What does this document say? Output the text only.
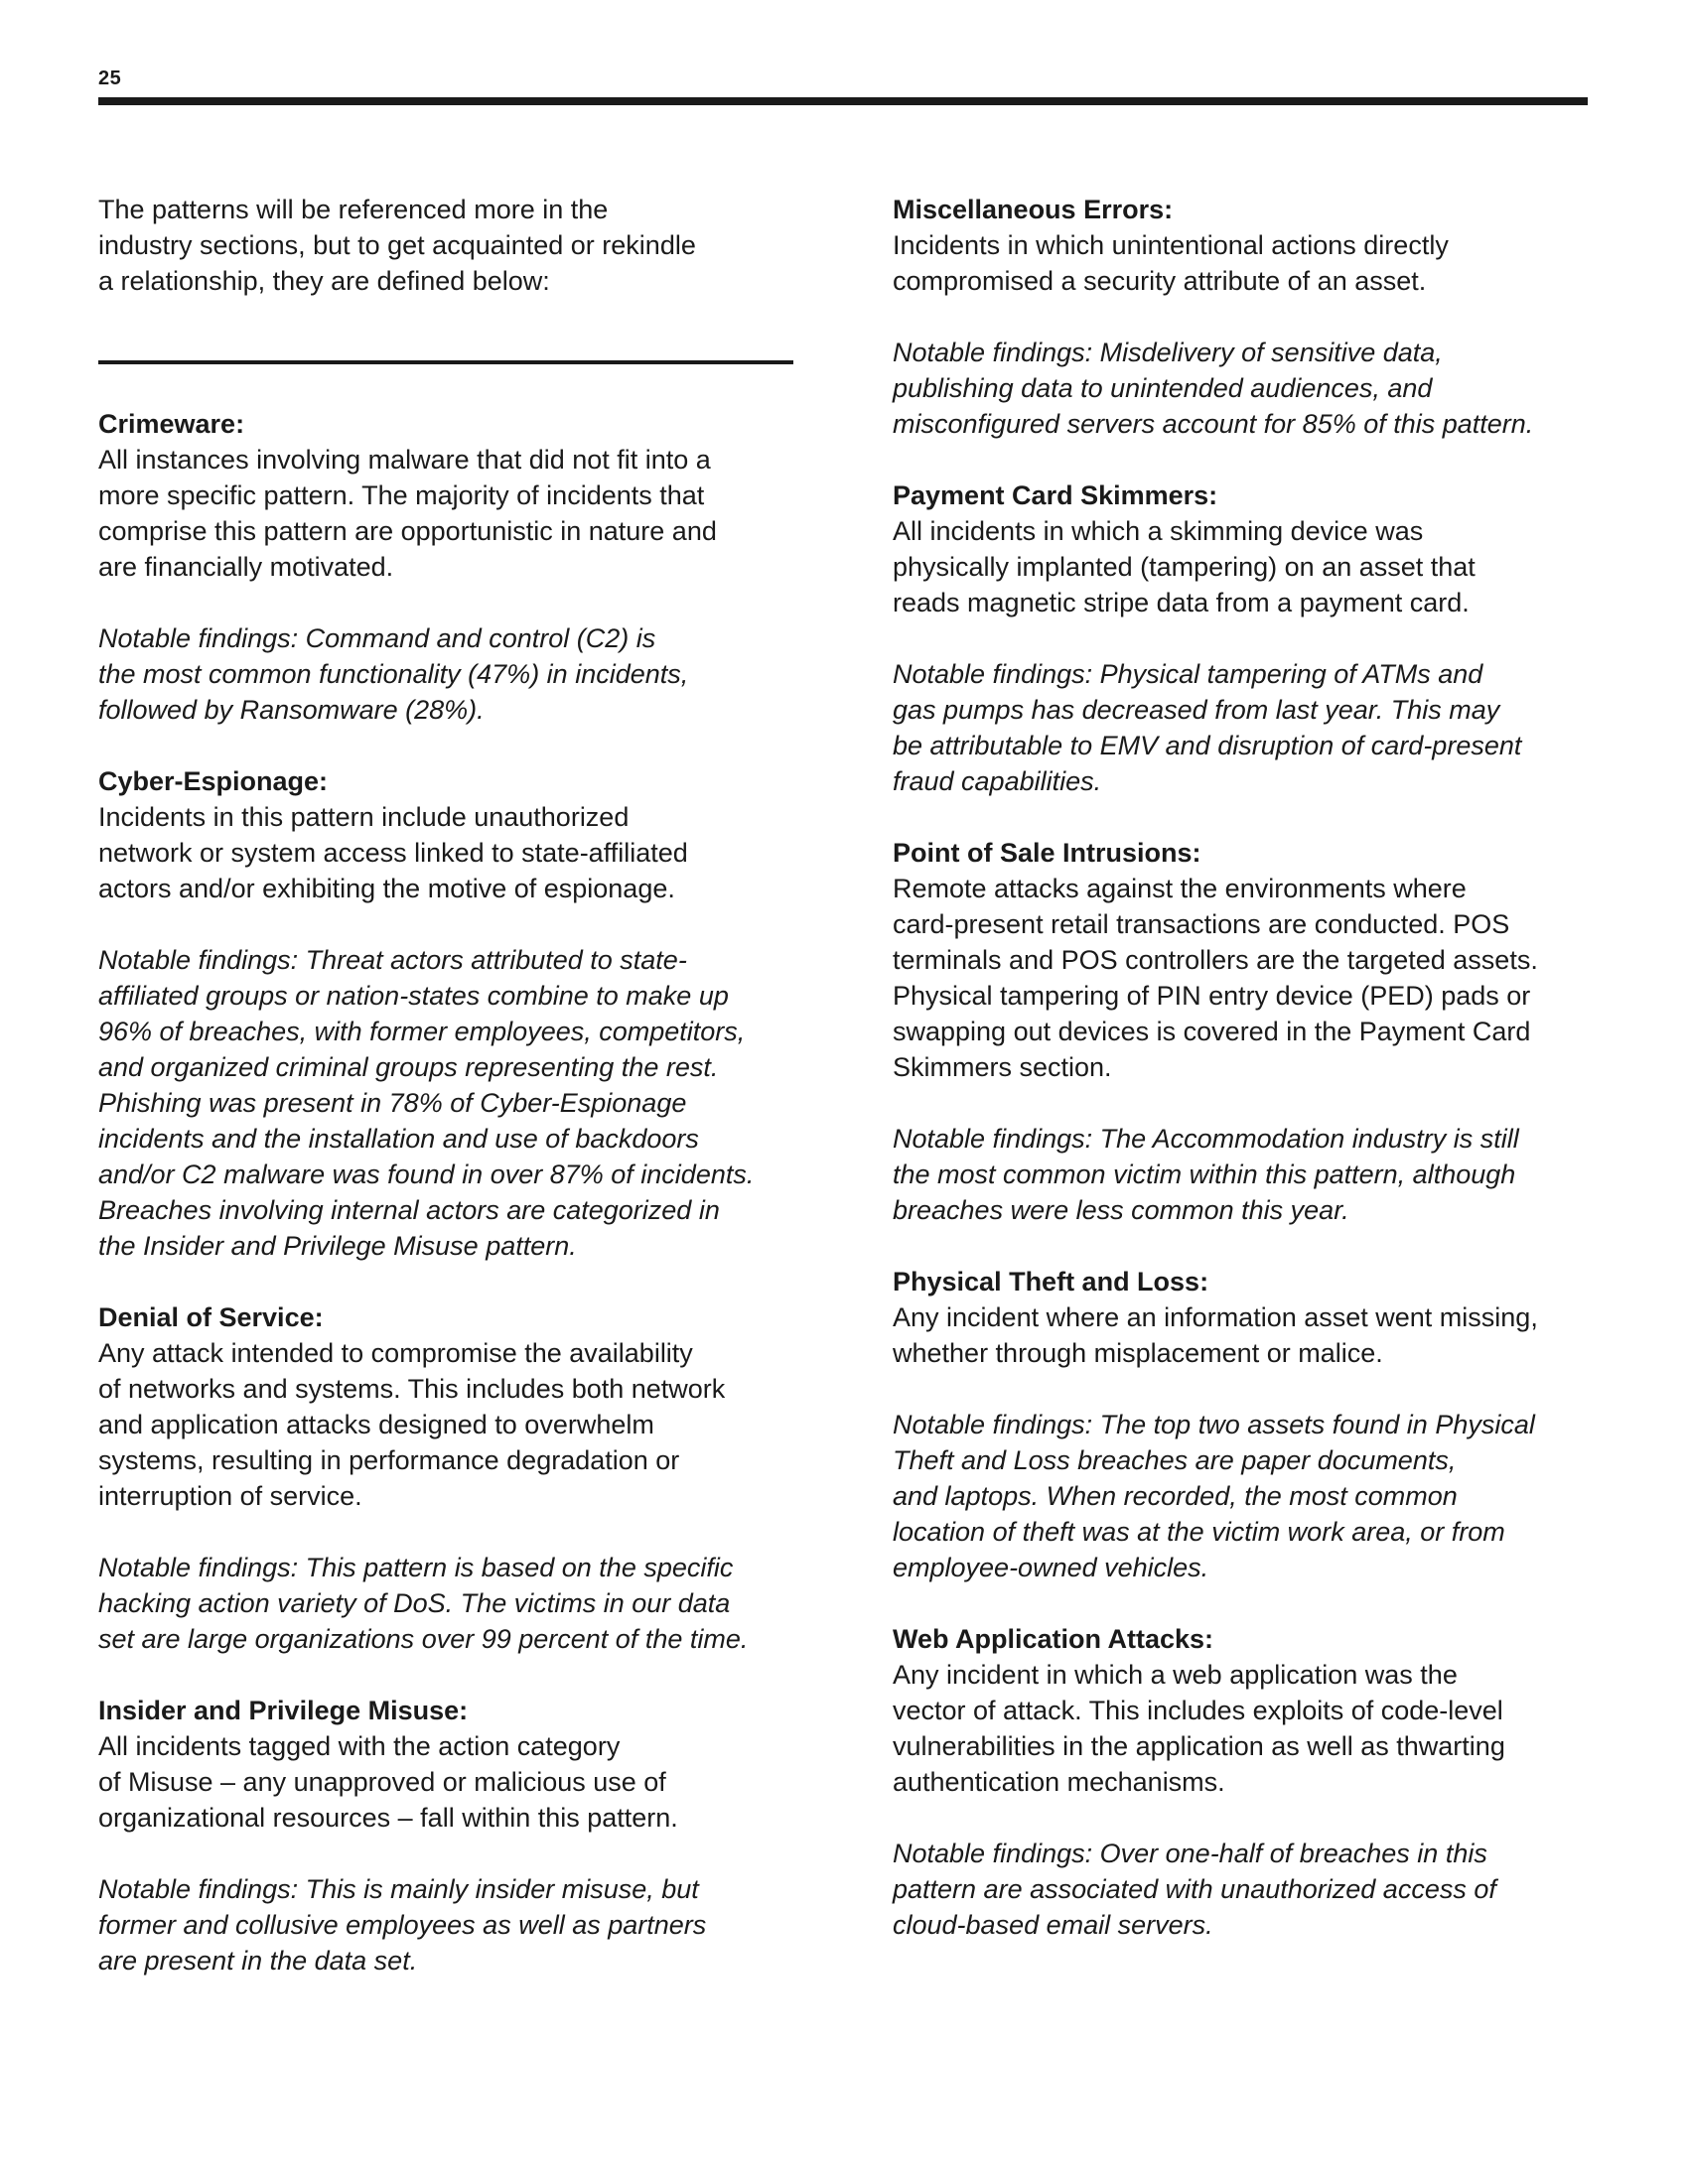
25

The patterns will be referenced more in the

industry sections, but to get acquainted or rekindle

a relationship, they are defined below:

Crimeware:

All instances involving malware that did not fit into a

more specific pattern. The majority of incidents that

comprise this pattern are opportunistic in nature and

are financially motivated.

Notable findings: Command and control (C2) is

the most common functionality (47%) in incidents,

followed by Ransomware (28%).

Cyber-Espionage:

Incidents in this pattern include unauthorized

network or system access linked to state-affiliated

actors and/or exhibiting the motive of espionage.

Notable findings: Threat actors attributed to state-

affiliated groups or nation-states combine to make up

96% of breaches, with former employees, competitors,

and organized criminal groups representing the rest.

Phishing was present in 78% of Cyber-Espionage

incidents and the installation and use of backdoors

and/or C2 malware was found in over 87% of incidents.

Breaches involving internal actors are categorized in

the Insider and Privilege Misuse pattern.

Denial of Service:

Any attack intended to compromise the availability

of networks and systems. This includes both network

and application attacks designed to overwhelm

systems, resulting in performance degradation or

interruption of service.

Notable findings: This pattern is based on the specific

hacking action variety of DoS. The victims in our data

set are large organizations over 99 percent of the time.

Insider and Privilege Misuse:

All incidents tagged with the action category

of Misuse – any unapproved or malicious use of

organizational resources – fall within this pattern.

Notable findings: This is mainly insider misuse, but

former and collusive employees as well as partners

are present in the data set.

Miscellaneous Errors:

Incidents in which unintentional actions directly

compromised a security attribute of an asset.

Notable findings: Misdelivery of sensitive data,

publishing data to unintended audiences, and

misconfigured servers account for 85% of this pattern.

Payment Card Skimmers:

All incidents in which a skimming device was

physically implanted (tampering) on an asset that

reads magnetic stripe data from a payment card.

Notable findings: Physical tampering of ATMs and

gas pumps has decreased from last year. This may

be attributable to EMV and disruption of card-present

fraud capabilities.

Point of Sale Intrusions:

Remote attacks against the environments where

card-present retail transactions are conducted. POS

terminals and POS controllers are the targeted assets.

Physical tampering of PIN entry device (PED) pads or

swapping out devices is covered in the Payment Card

Skimmers section.

Notable findings: The Accommodation industry is still

the most common victim within this pattern, although

breaches were less common this year.

Physical Theft and Loss:

Any incident where an information asset went missing,

whether through misplacement or malice.

Notable findings: The top two assets found in Physical

Theft and Loss breaches are paper documents,

and laptops. When recorded, the most common

location of theft was at the victim work area, or from

employee-owned vehicles.

Web Application Attacks:

Any incident in which a web application was the

vector of attack. This includes exploits of code-level

vulnerabilities in the application as well as thwarting

authentication mechanisms.

Notable findings: Over one-half of breaches in this

pattern are associated with unauthorized access of

cloud-based email servers.
